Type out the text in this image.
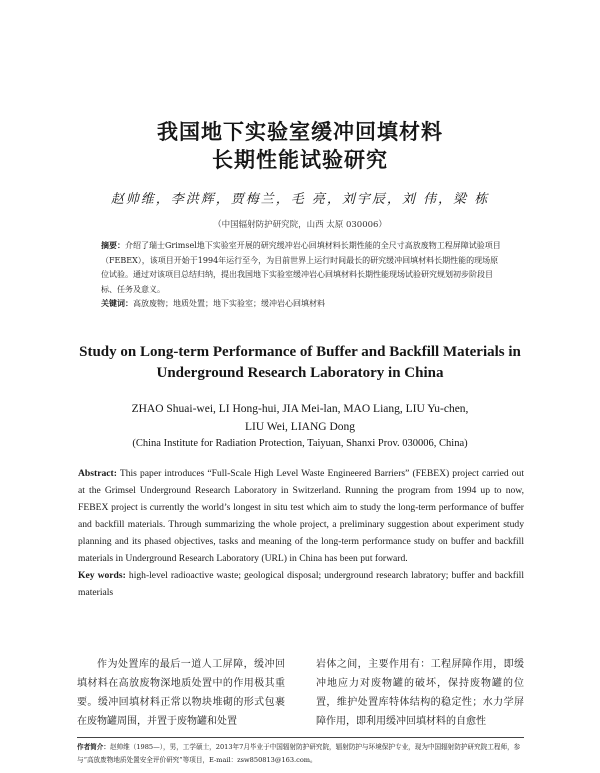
我国地下实验室缓冲回填材料
长期性能试验研究
赵帅维，李洪辉，贾梅兰，毛 亮，刘宇辰，刘 伟，梁 栋
（中国辐射防护研究院，山西 太原 030006）
摘要：介绍了瑞士Grimsel地下实验室开展的研究缓冲岩心回填材料长期性能的全尺寸高放废物工程屏障试验项目（FEBEX），该项目开始于1994年运行至今，为目前世界上运行时间最长的研究缓冲回填材料长期性能的现场原位试验。通过对该项目总结归纳，提出我国地下实验室缓冲岩心回填材料长期性能现场试验研究规划初步阶段目标、任务及意义。
关键词：高放废物；地质处置；地下实验室；缓冲岩心回填材料
Study on Long-term Performance of Buffer and Backfill Materials in
Underground Research Laboratory in China
ZHAO Shuai-wei, LI Hong-hui, JIA Mei-lan, MAO Liang, LIU Yu-chen,
LIU Wei, LIANG Dong
(China Institute for Radiation Protection, Taiyuan, Shanxi Prov. 030006, China)
Abstract: This paper introduces “Full-Scale High Level Waste Engineered Barriers” (FEBEX) project carried out at the Grimsel Underground Research Laboratory in Switzerland. Running the program from 1994 up to now, FEBEX project is currently the world’s longest in situ test which aim to study the long-term performance of buffer and backfill materials. Through summarizing the whole project, a preliminary suggestion about experiment study planning and its phased objectives, tasks and meaning of the long-term performance study on buffer and backfill materials in Underground Research Laboratory (URL) in China has been put forward.
Key words: high-level radioactive waste; geological disposal; underground research labratory; buffer and backfill materials
作为处置库的最后一道人工屏障，缓冲回填材料在高放废物深地质处置中的作用极其重要。缓冲回填材料正常以物块堆砌的形式包裹在废物罐周围，并置于废物罐和处置
岩体之间，主要作用有：工程屏障作用，即缓冲地应力对废物罐的破坏，保持废物罐的位置，维护处置库特体结构的稳定性；水力学屏障作用，即利用缓冲回填材料的自愈性
作者简介：赵帅维（1985—），男，工学硕士，2013年7月毕业于中国辐射防护研究院，辐射防护与环境保护专业，现为中国辐射防护研究院工程师，参与“高放废物地质处置安全评价研究”等项目，E-mail：zsw850813@163.com。
